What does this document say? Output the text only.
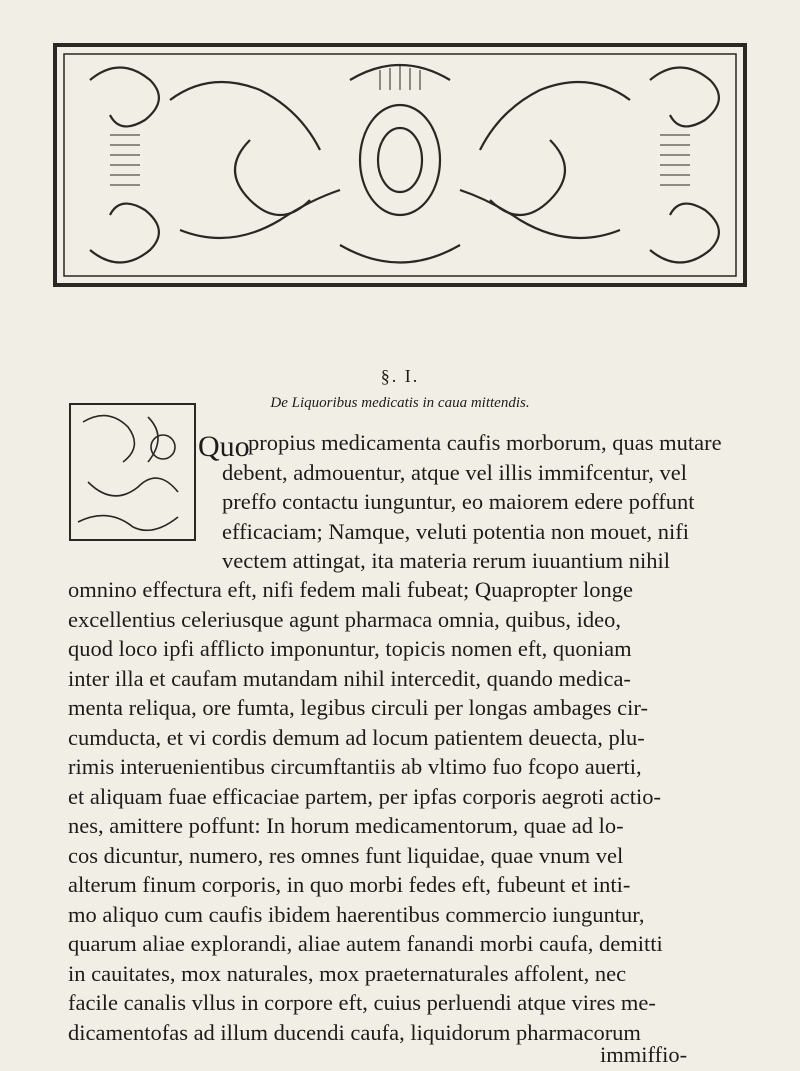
§. I.
De Liquoribus medicatis in caua mittendis.
Quo
propius medicamenta caufis morborum, quas mutare
debent, admouentur, atque vel illis immifcentur, vel
preffo contactu iunguntur, eo maiorem edere poffunt
efficaciam; Namque, veluti potentia non mouet, nifi
vectem attingat, ita materia rerum iuuantium nihil
omnino effectura eft, nifi fedem mali fubeat; Quapropter longe
excellentius celeriusque agunt pharmaca omnia, quibus, ideo,
quod loco ipfi afflicto imponuntur, topicis nomen eft, quoniam
inter illa et caufam mutandam nihil intercedit, quando medica-
menta reliqua, ore fumta, legibus circuli per longas ambages cir-
cumducta, et vi cordis demum ad locum patientem deuecta, plu-
rimis interuenientibus circumftantiis ab vltimo fuo fcopo auerti,
et aliquam fuae efficaciae partem, per ipfas corporis aegroti actio-
nes, amittere poffunt: In horum medicamentorum, quae ad lo-
cos dicuntur, numero, res omnes funt liquidae, quae vnum vel
alterum finum corporis, in quo morbi fedes eft, fubeunt et inti-
mo aliquo cum caufis ibidem haerentibus commercio iunguntur,
quarum aliae explorandi, aliae autem fanandi morbi caufa, demitti
in cauitates, mox naturales, mox praeternaturales affolent, nec
facile canalis vllus in corpore eft, cuius perluendi atque vires me-
dicamentofas ad illum ducendi caufa, liquidorum pharmacorum
immiffio-
